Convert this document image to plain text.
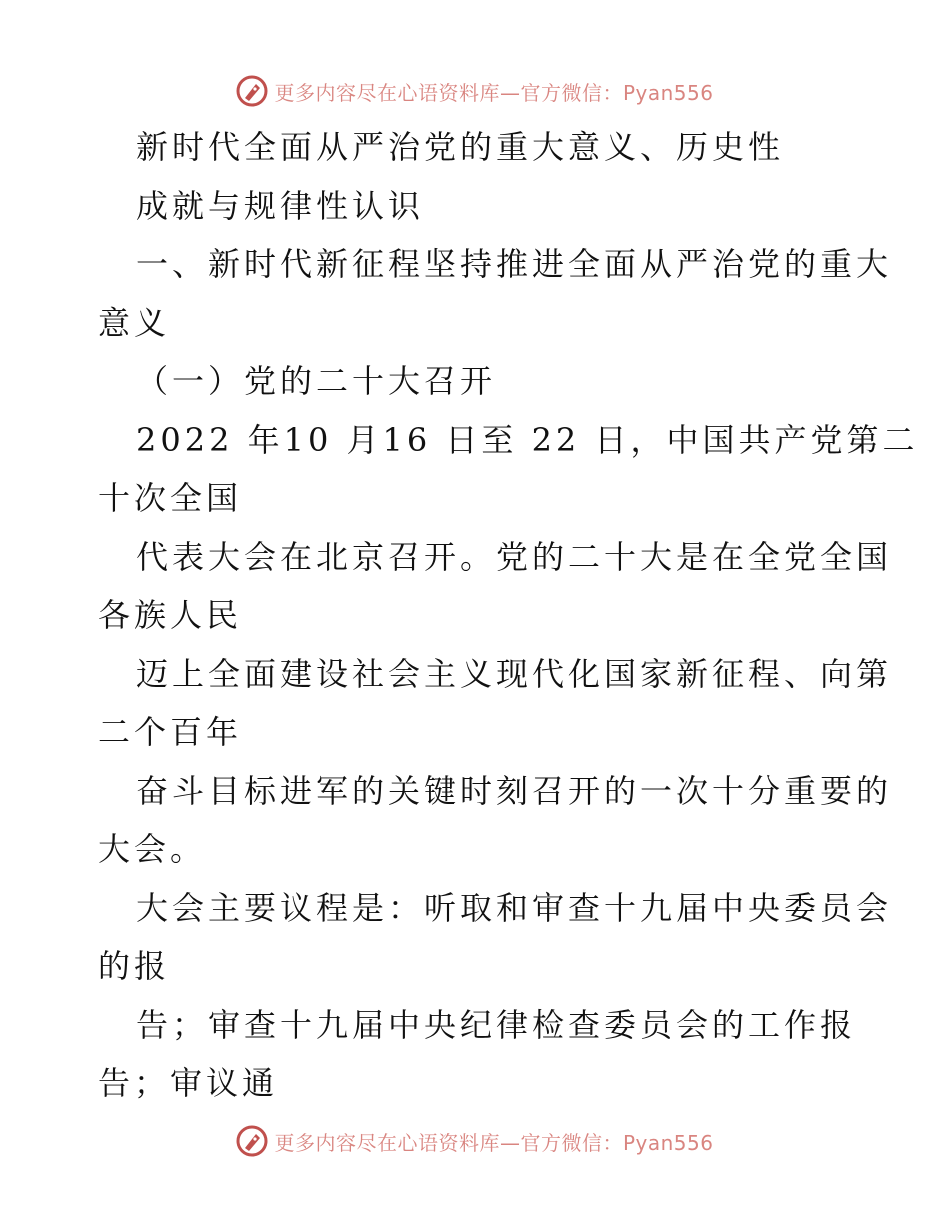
更多内容尽在心语资料库—官方微信：Pyan556
新时代全面从严治党的重大意义、历史性
成就与规律性认识
一、新时代新征程坚持推进全面从严治党的重大
意义
（一）党的二十大召开
2022 年10 月16 日至 22 日，中国共产党第二
十次全国
代表大会在北京召开。党的二十大是在全党全国
各族人民
迈上全面建设社会主义现代化国家新征程、向第
二个百年
奋斗目标进军的关键时刻召开的一次十分重要的
大会。
大会主要议程是：听取和审查十九届中央委员会
的报
告；审查十九届中央纪律检查委员会的工作报
告；审议通
更多内容尽在心语资料库—官方微信：Pyan556
